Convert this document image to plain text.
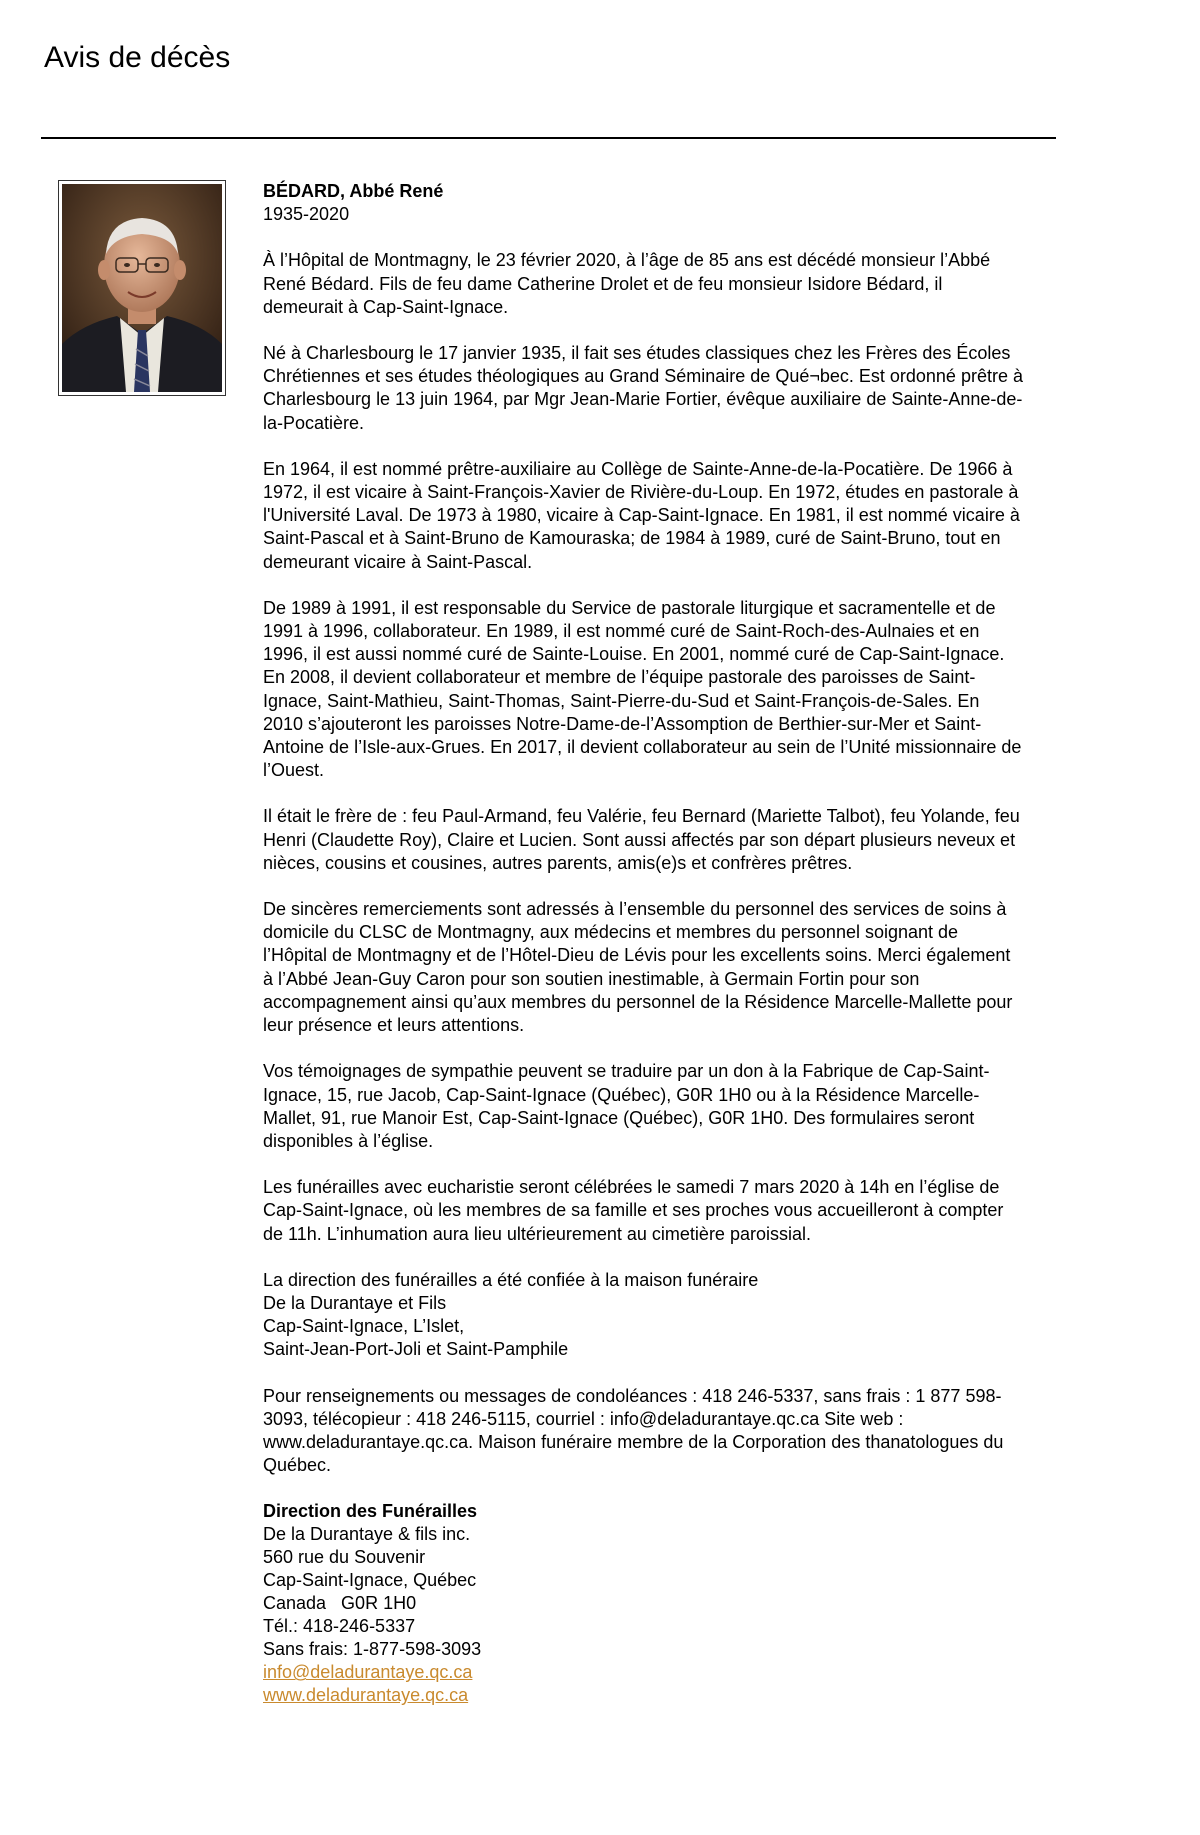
Avis de décès
BÉDARD, Abbé René

1935-2020

À l’Hôpital de Montmagny, le 23 février 2020, à l’âge de 85 ans est décédé monsieur l’Abbé René Bédard. Fils de feu dame Catherine Drolet et de feu monsieur Isidore Bédard, il demeurait à Cap-Saint-Ignace.

Né à Charlesbourg le 17 janvier 1935, il fait ses études classiques chez les Frères des Écoles Chrétiennes et ses études théologiques au Grand Séminaire de Qué¬bec. Est ordonné prêtre à Charlesbourg le 13 juin 1964, par Mgr Jean-Marie Fortier, évêque auxiliaire de Sainte-Anne-de-la-Pocatière.

En 1964, il est nommé prêtre-auxiliaire au Collège de Sainte-Anne-de-la-Pocatière. De 1966 à 1972, il est vicaire à Saint-François-Xavier de Rivière-du-Loup. En 1972, études en pastorale à l'Université Laval. De 1973 à 1980, vicaire à Cap-Saint-Ignace. En 1981, il est nommé vicaire à Saint-Pascal et à Saint-Bruno de Kamouraska; de 1984 à 1989, curé de Saint-Bruno, tout en demeurant vicaire à Saint-Pascal.

De 1989 à 1991, il est responsable du Service de pastorale liturgique et sacramentelle et de 1991 à 1996, collaborateur. En 1989, il est nommé curé de Saint-Roch-des-Aulnaies et en 1996, il est aussi nommé curé de Sainte-Louise. En 2001, nommé curé de Cap-Saint-Ignace. En 2008, il devient collaborateur et membre de l’équipe pastorale des paroisses de Saint-Ignace, Saint-Mathieu, Saint-Thomas, Saint-Pierre-du-Sud et Saint-François-de-Sales. En 2010 s’ajouteront les paroisses Notre-Dame-de-l’Assomption de Berthier-sur-Mer et Saint-Antoine de l’Isle-aux-Grues. En 2017, il devient collaborateur au sein de l’Unité missionnaire de l’Ouest.

Il était le frère de : feu Paul-Armand, feu Valérie, feu Bernard (Mariette Talbot), feu Yolande, feu Henri (Claudette Roy), Claire et Lucien. Sont aussi affectés par son départ plusieurs neveux et nièces, cousins et cousines, autres parents, amis(e)s et confrères prêtres.

De sincères remerciements sont adressés à l’ensemble du personnel des services de soins à domicile du CLSC de Montmagny, aux médecins et membres du personnel soignant de l’Hôpital de Montmagny et de l’Hôtel-Dieu de Lévis pour les excellents soins. Merci également à l’Abbé Jean-Guy Caron pour son soutien inestimable, à Germain Fortin pour son accompagnement ainsi qu’aux membres du personnel de la Résidence Marcelle-Mallette pour leur présence et leurs attentions.

Vos témoignages de sympathie peuvent se traduire par un don à la Fabrique de Cap-Saint-Ignace, 15, rue Jacob, Cap-Saint-Ignace (Québec), G0R 1H0 ou à la Résidence Marcelle-Mallet, 91, rue Manoir Est, Cap-Saint-Ignace (Québec), G0R 1H0. Des formulaires seront disponibles à l’église.

Les funérailles avec eucharistie seront célébrées le samedi 7 mars 2020 à 14h en l’église de Cap-Saint-Ignace, où les membres de sa famille et ses proches vous accueilleront à compter de 11h. L’inhumation aura lieu ultérieurement au cimetière paroissial.

La direction des funérailles a été confiée à la maison funéraire
De la Durantaye et Fils
Cap-Saint-Ignace, L’Islet,
Saint-Jean-Port-Joli et Saint-Pamphile

Pour renseignements ou messages de condoléances : 418 246-5337, sans frais : 1 877 598-3093, télécopieur : 418 246-5115, courriel : info@deladurantaye.qc.ca Site web : www.deladurantaye.qc.ca. Maison funéraire membre de la Corporation des thanatologues du Québec.

Direction des Funérailles
De la Durantaye & fils inc.
560 rue du Souvenir
Cap-Saint-Ignace, Québec
Canada   G0R 1H0
Tél.: 418-246-5337
Sans frais: 1-877-598-3093
info@deladurantaye.qc.ca
www.deladurantaye.qc.ca
